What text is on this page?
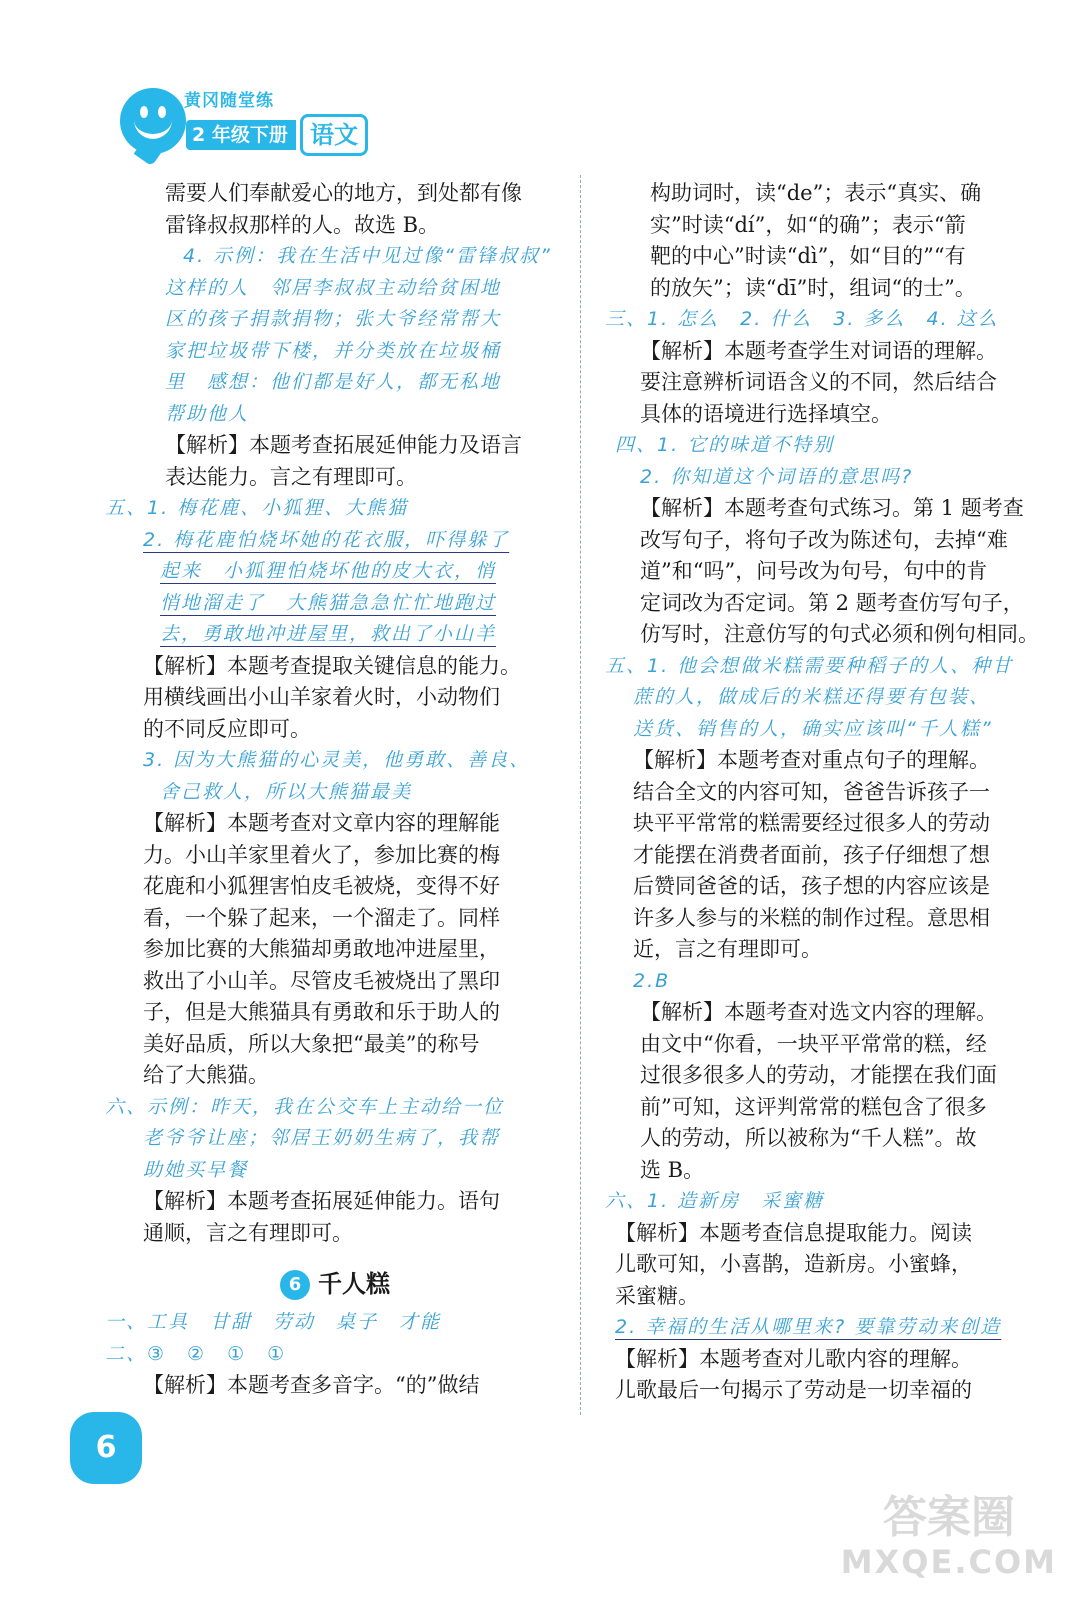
黄冈随堂练
2 年级下册 语文
需要人们奉献爱心的地方，到处都有像
雷锋叔叔那样的人。故选 B。
4. 示例：我在生活中见过像“雷锋叔叔”
这样的人　邻居李叔叔主动给贫困地
区的孩子捐款捐物；张大爷经常帮大
家把垃圾带下楼，并分类放在垃圾桶
里　感想：他们都是好人，都无私地
帮助他人
【解析】本题考查拓展延伸能力及语言
表达能力。言之有理即可。
五、1. 梅花鹿、小狐狸、大熊猫
2. 梅花鹿怕烧坏她的花衣服，吓得躲了
起来　小狐狸怕烧坏他的皮大衣，悄
悄地溜走了　大熊猫急急忙忙地跑过
去，勇敢地冲进屋里，救出了小山羊
【解析】本题考查提取关键信息的能力。
用横线画出小山羊家着火时，小动物们
的不同反应即可。
3. 因为大熊猫的心灵美，他勇敢、善良、
舍己救人，所以大熊猫最美
【解析】本题考查对文章内容的理解能
力。小山羊家里着火了，参加比赛的梅
花鹿和小狐狸害怕皮毛被烧，变得不好
看，一个躲了起来，一个溜走了。同样
参加比赛的大熊猫却勇敢地冲进屋里，
救出了小山羊。尽管皮毛被烧出了黑印
子，但是大熊猫具有勇敢和乐于助人的
美好品质，所以大象把“最美”的称号
给了大熊猫。
六、示例：昨天，我在公交车上主动给一位
老爷爷让座；邻居王奶奶生病了，我帮
助她买早餐
【解析】本题考查拓展延伸能力。语句
通顺，言之有理即可。
6 千人糕
一、工具　甘甜　劳动　桌子　才能
二、③　②　①　①
【解析】本题考查多音字。“的”做结
构助词时，读“de”；表示“真实、确
实”时读“dí”，如“的确”；表示“箭
靶的中心”时读“dì”，如“目的”“有
的放矢”；读“dī”时，组词“的士”。
三、1. 怎么　2. 什么　3. 多么　4. 这么
【解析】本题考查学生对词语的理解。
要注意辨析词语含义的不同，然后结合
具体的语境进行选择填空。
四、1. 它的味道不特别
2. 你知道这个词语的意思吗?
【解析】本题考查句式练习。第 1 题考查
改写句子，将句子改为陈述句，去掉“难
道”和“吗”，问号改为句号，句中的肯
定词改为否定词。第 2 题考查仿写句子，
仿写时，注意仿写的句式必须和例句相同。
五、1. 他会想做米糕需要种稻子的人、种甘
蔗的人，做成后的米糕还得要有包装、
送货、销售的人，确实应该叫“千人糕”
【解析】本题考查对重点句子的理解。
结合全文的内容可知，爸爸告诉孩子一
块平平常常的糕需要经过很多人的劳动
才能摆在消费者面前，孩子仔细想了想
后赞同爸爸的话，孩子想的内容应该是
许多人参与的米糕的制作过程。意思相
近，言之有理即可。
2.B
【解析】本题考查对选文内容的理解。
由文中“你看，一块平平常常的糕，经
过很多很多人的劳动，才能摆在我们面
前”可知，这评判常常的糕包含了很多
人的劳动，所以被称为“千人糕”。故
选 B。
六、1. 造新房　采蜜糖
【解析】本题考查信息提取能力。阅读
儿歌可知，小喜鹊，造新房。小蜜蜂，
采蜜糖。
2. 幸福的生活从哪里来? 要靠劳动来创造
【解析】本题考查对儿歌内容的理解。
儿歌最后一句揭示了劳动是一切幸福的
6
答案圈
MXQE.COM
